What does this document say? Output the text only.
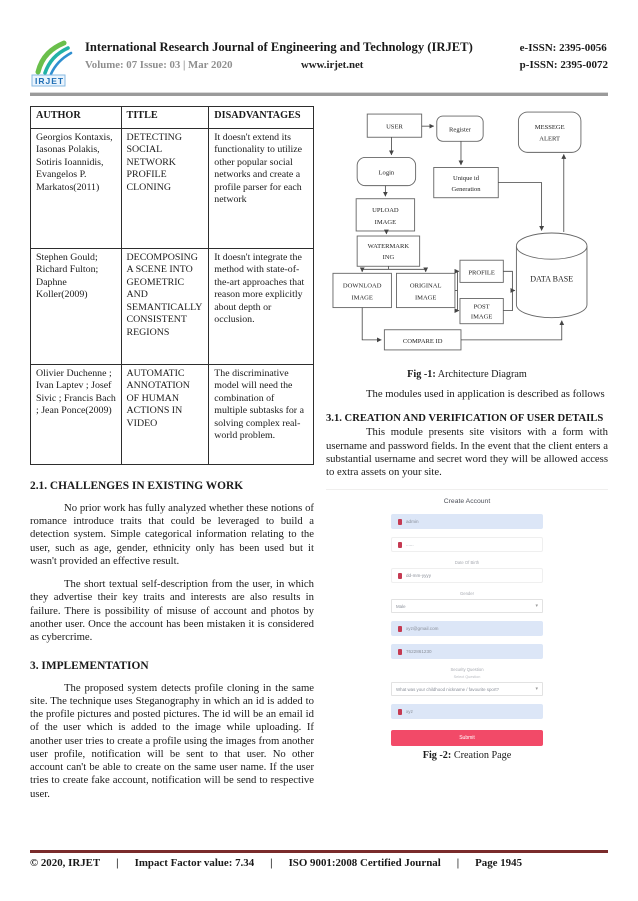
IRJET
International Research Journal of Engineering and Technology (IRJET)
Volume: 07 Issue: 03 | Mar 2020	www.irjet.net
e-ISSN: 2395-0056
p-ISSN: 2395-0072
AUTHOR	TITLE	DISADVANTAGES
Georgios Kontaxis, Iasonas Polakis, Sotiris Ioannidis, Evangelos P. Markatos(2011)	DETECTING SOCIAL NETWORK PROFILE CLONING	It doesn't extend its functionality to utilize other popular social networks and create a profile parser for each network
Stephen Gould; Richard Fulton; Daphne Koller(2009)	DECOMPOSING A SCENE INTO GEOMETRIC AND SEMANTICALLY CONSISTENT REGIONS	It doesn't integrate the method with state-of-the-art approaches that reason more explicitly about depth or occlusion.
Olivier Duchenne ; Ivan Laptev ; Josef Sivic ; Francis Bach ; Jean Ponce(2009)	AUTOMATIC ANNOTATION OF HUMAN ACTIONS IN VIDEO	The discriminative model will need the combination of multiple subtasks for a solving complex real-world problem.
2.1. CHALLENGES IN EXISTING WORK

No prior work has fully analyzed whether these notions of romance introduce traits that could be leveraged to build a detection system. Simple categorical information relating to the user, such as age, gender, ethnicity only has been used but it wasn't provided an effective result.

The short textual self-description from the user, in which they advertise their key traits and interests are also results in failure. There is possibility of misuse of account and photos by another user. Once the account has been mistaken it is considered as cybercrime.

3. IMPLEMENTATION

The proposed system detects profile cloning in the same site. The technique uses Steganography in which an id is added to the profile pictures and posted pictures. The id will be an email id of the user which is added to the image while uploading. If another user tries to create a profile using the images from another user profile, notification will be sent to that user. No other account can't be able to create on the same user name. If the user tries to create fake account, notification will be send to respective user.

USER	Register	MESSEGE
ALERT
Login
Unique id
Generation
UPLOAD
IMAGE
WATERMARK
ING
DOWNLOAD
IMAGE
ORIGINAL
IMAGE
PROFILE
POST
IMAGE
DATA BASE
COMPARE ID
Fig -1: Architecture Diagram

The modules used in application is described as follows

3.1. CREATION AND VERIFICATION OF USER DETAILS

This module presents site visitors with a form with username and password fields. In the event that the client enters a substantial username and secret word they will be allowed access to extra assets on your site.

Create Account
admin
......
Date Of Birth
dd-mm-yyyy
Gender
Male	▾
xyz@gmail.com
7622861230
Security Question
Select Question
What was your childhood nickname / favourite sport?	▾
xyz
Submit
Fig -2: Creation Page
© 2020, IRJET | Impact Factor value: 7.34 | ISO 9001:2008 Certified Journal | Page 1945
